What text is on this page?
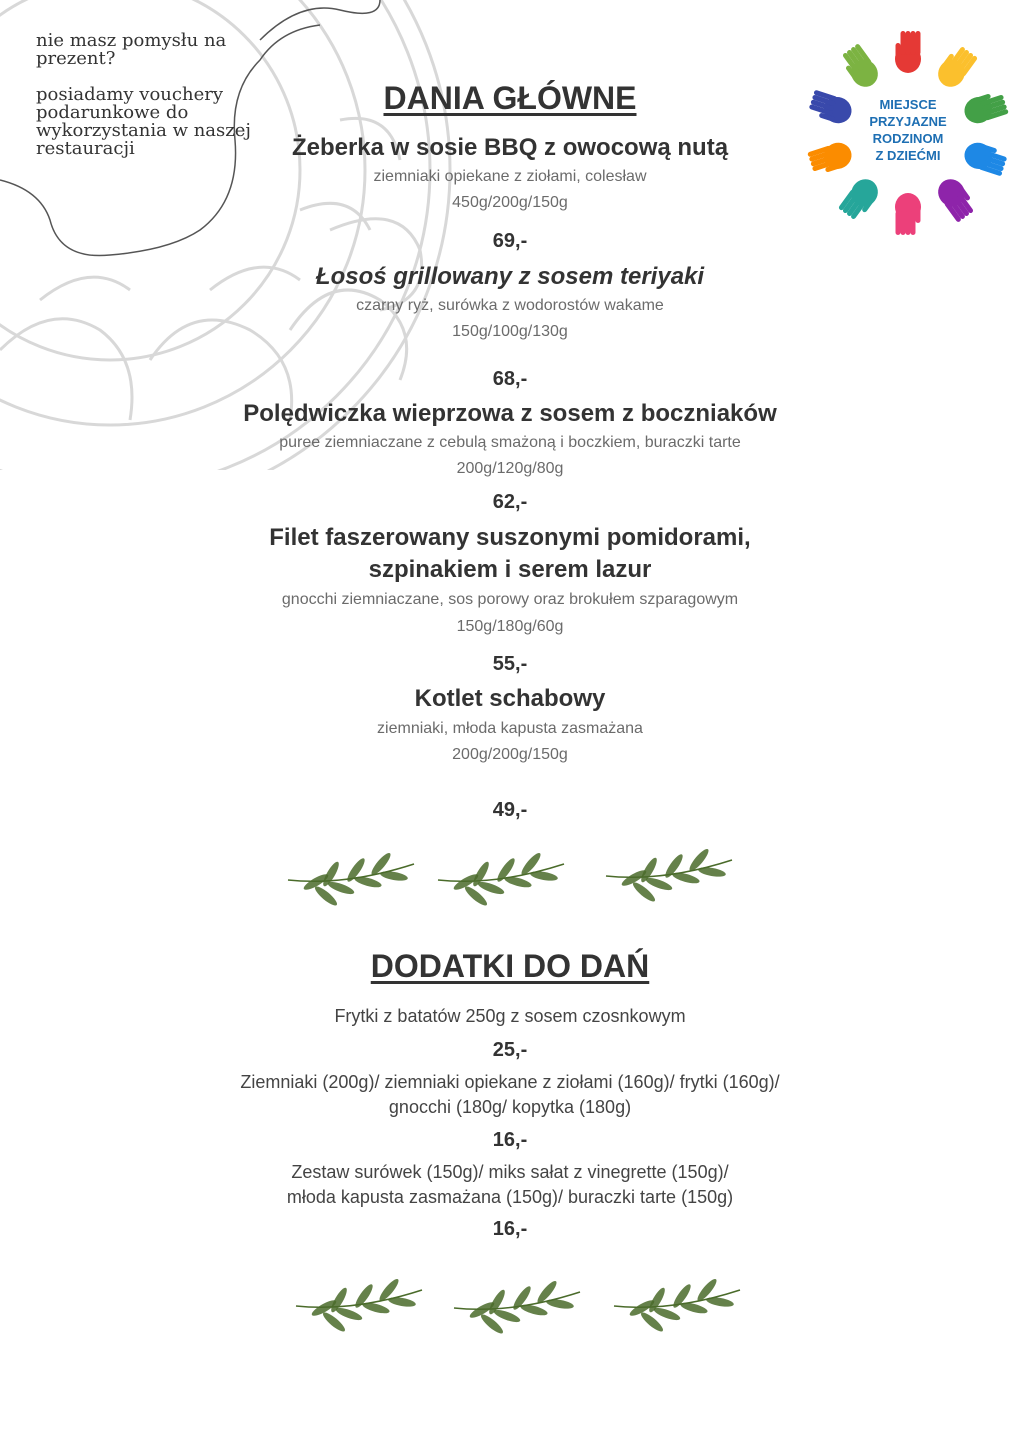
nie masz pomysłu na prezent?

posiadamy vouchery podarunkowe do wykorzystania w naszej restauracji

MIEJSCE
PRZYJAZNE
RODZINOM
Z DZIEĆMI
DANIA GŁÓWNE
Żeberka w sosie BBQ z owocową nutą
ziemniaki opiekane z ziołami, colesław
450g/200g/150g
69,-
Łosoś grillowany z sosem teriyaki
czarny ryż, surówka z wodorostów wakame
150g/100g/130g
68,-
Polędwiczka wieprzowa z sosem z boczniaków
puree ziemniaczane z cebulą smażoną i boczkiem, buraczki tarte
200g/120g/80g
62,-
Filet faszerowany suszonymi pomidorami,
szpinakiem i serem lazur
gnocchi ziemniaczane, sos porowy oraz brokułem szparagowym
150g/180g/60g
55,-
Kotlet schabowy
ziemniaki, młoda kapusta zasmażana
200g/200g/150g
49,-
DODATKI DO DAŃ
Frytki z batatów 250g z sosem czosnkowym
25,-
Ziemniaki (200g)/ ziemniaki opiekane z ziołami (160g)/ frytki (160g)/
gnocchi (180g/ kopytka (180g)
16,-
Zestaw surówek (150g)/ miks sałat z vinegrette (150g)/
młoda kapusta zasmażana (150g)/ buraczki tarte (150g)
16,-
